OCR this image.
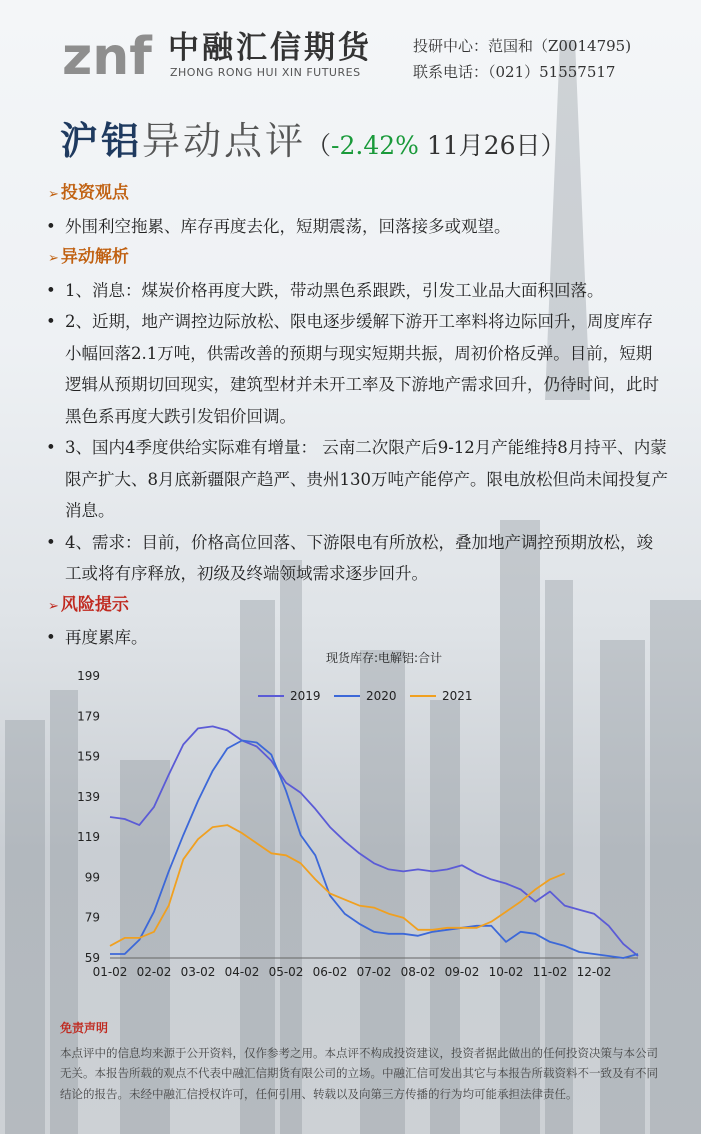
znf 中融汇信期货
ZHONG RONG HUI XIN FUTURES
投研中心：范国和（Z0014795)
联系电话：（021）51557517
沪铝异动点评（-2.42% 11月26日）
➢ 投资观点
• 外围利空拖累、库存再度去化，短期震荡，回落接多或观望。
➢ 异动解析
• 1、消息：煤炭价格再度大跌，带动黑色系跟跌，引发工业品大面积回落。
• 2、近期，地产调控边际放松、限电逐步缓解下游开工率料将边际回升，周度库存小幅回落2.1万吨，供需改善的预期与现实短期共振，周初价格反弹。目前，短期逻辑从预期切回现实，建筑型材并未开工率及下游地产需求回升，仍待时间，此时黑色系再度大跌引发铝价回调。
• 3、国内4季度供给实际难有增量： 云南二次限产后9-12月产能维持8月持平、内蒙限产扩大、8月底新疆限产趋严、贵州130万吨产能停产。限电放松但尚未闻投复产消息。
• 4、需求：目前，价格高位回落、下游限电有所放松，叠加地产调控预期放松，竣工或将有序释放，初级及终端领域需求逐步回升。
➢ 风险提示
• 再度累库。
现货库存:电解铝:合计
59
79
99
119
139
159
179
199
01-02 02-02 03-02 04-02 05-02 06-02 07-02 08-02 09-02 10-02 11-02 12-02
2019	2020	2021
免责声明
本点评中的信息均来源于公开资料，仅作参考之用。本点评不构成投资建议，投资者据此做出的任何投资决策与本公司无关。本报告所载的观点不代表中融汇信期货有限公司的立场。中融汇信可发出其它与本报告所载资料不一致及有不同结论的报告。未经中融汇信授权许可，任何引用、转载以及向第三方传播的行为均可能承担法律责任。
